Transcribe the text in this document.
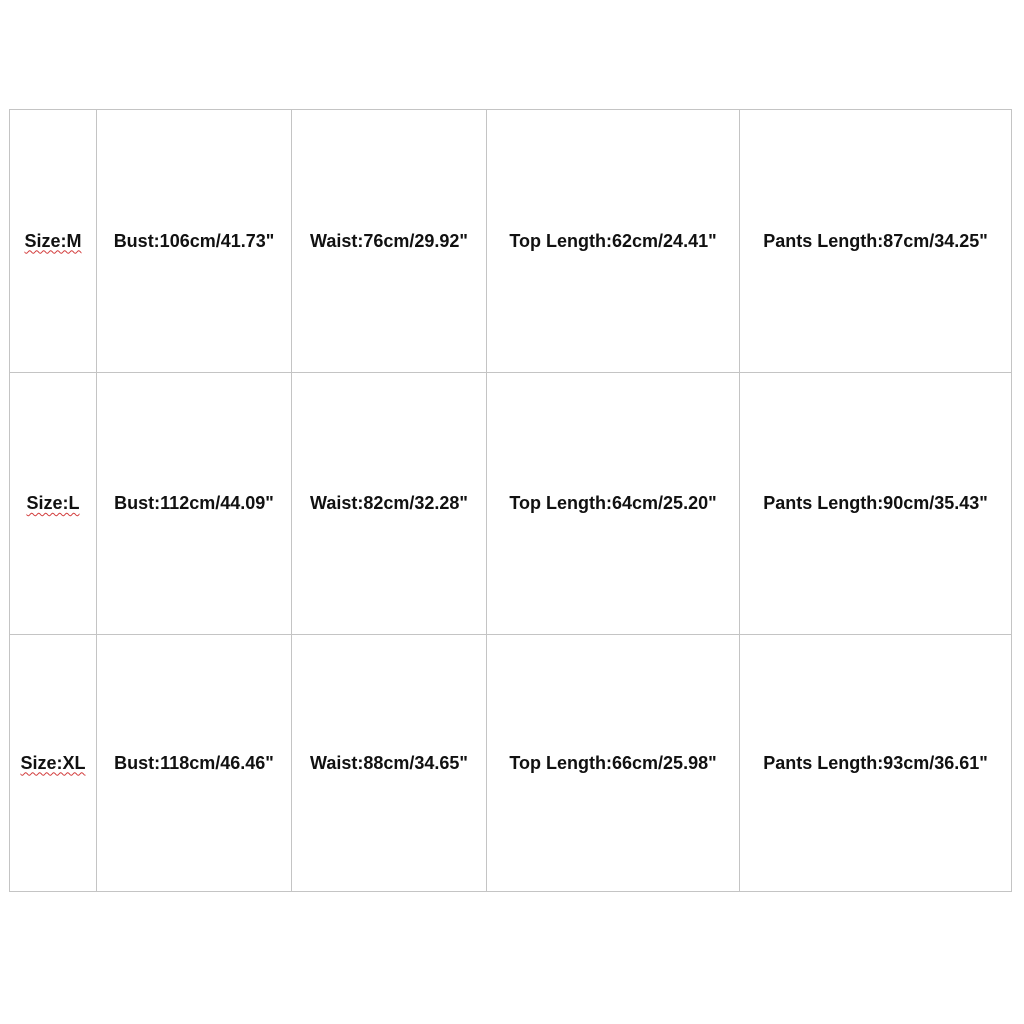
Size:M	Bust:106cm/41.73"	Waist:76cm/29.92"	Top Length:62cm/24.41"	Pants Length:87cm/34.25"
Size:L	Bust:112cm/44.09"	Waist:82cm/32.28"	Top Length:64cm/25.20"	Pants Length:90cm/35.43"
Size:XL	Bust:118cm/46.46"	Waist:88cm/34.65"	Top Length:66cm/25.98"	Pants Length:93cm/36.61"
